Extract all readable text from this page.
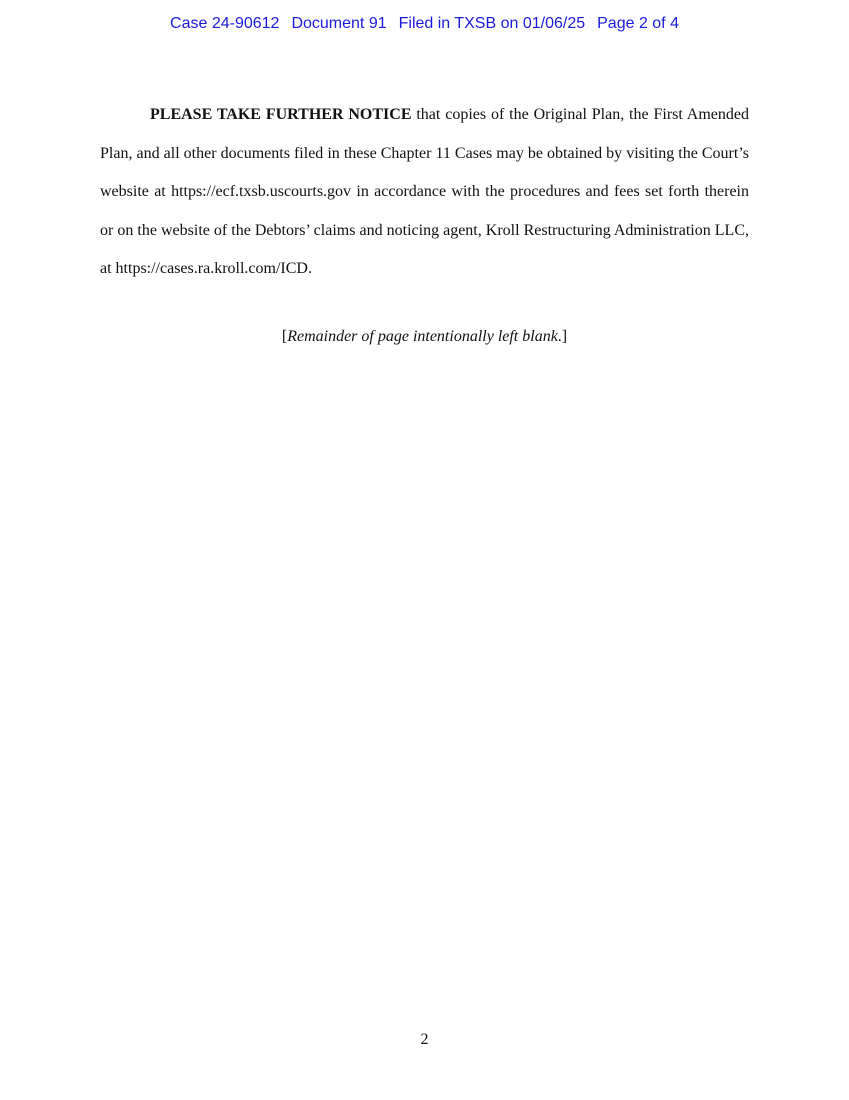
Case 24-90612 Document 91 Filed in TXSB on 01/06/25 Page 2 of 4

PLEASE TAKE FURTHER NOTICE that copies of the Original Plan, the First Amended Plan, and all other documents filed in these Chapter 11 Cases may be obtained by visiting the Court’s website at https://ecf.txsb.uscourts.gov in accordance with the procedures and fees set forth therein or on the website of the Debtors’ claims and noticing agent, Kroll Restructuring Administration LLC, at https://cases.ra.kroll.com/ICD.

[Remainder of page intentionally left blank.]
2
